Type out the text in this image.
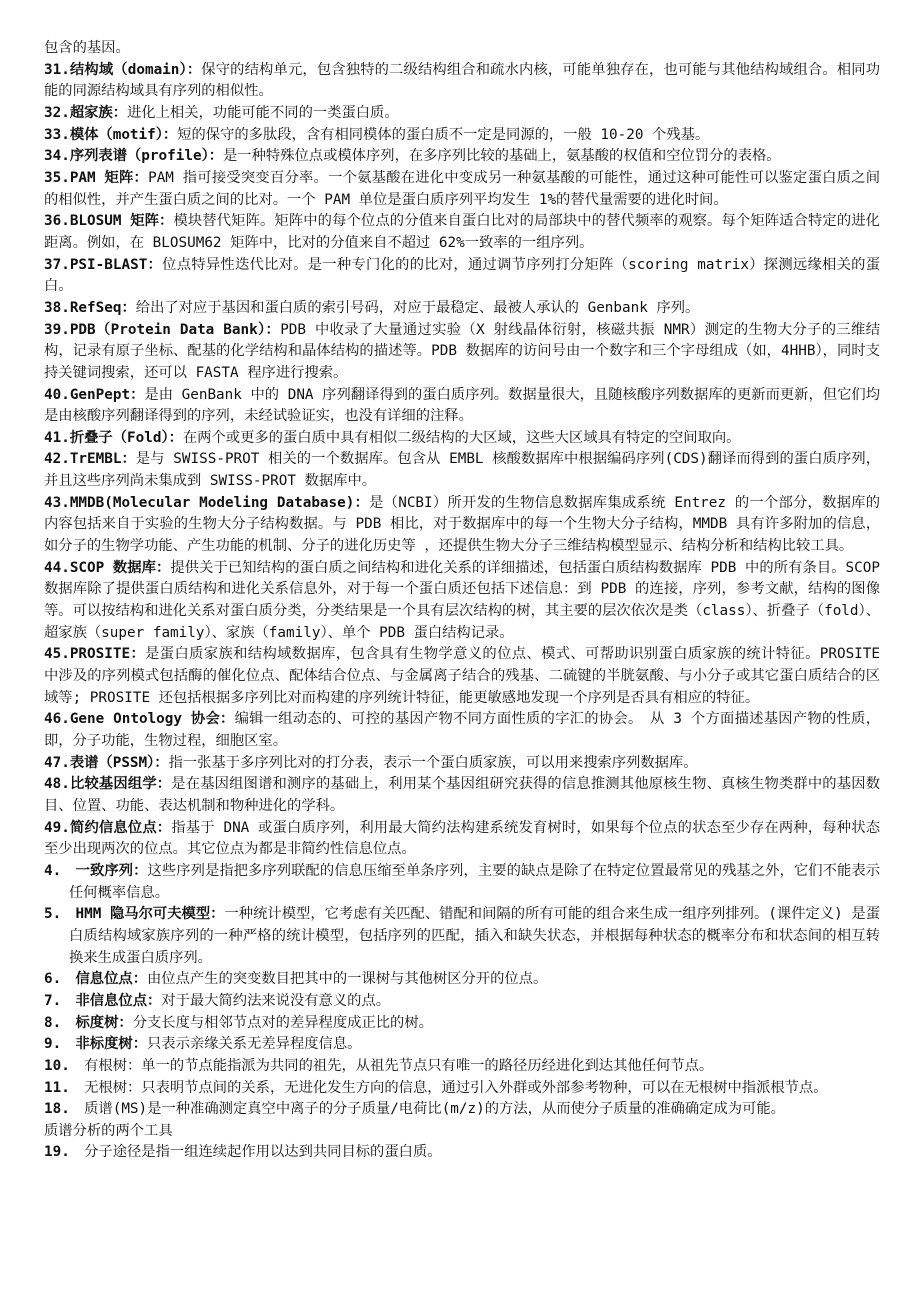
包含的基因。
31.结构域（domain）：保守的结构单元，包含独特的二级结构组合和疏水内核，可能单独存在，也可能与其他结构域组合。相同功能的同源结构域具有序列的相似性。
32.超家族：进化上相关，功能可能不同的一类蛋白质。
33.模体（motif）：短的保守的多肽段，含有相同模体的蛋白质不一定是同源的，一般 10-20 个残基。
34.序列表谱（profile）：是一种特殊位点或模体序列，在多序列比较的基础上，氨基酸的权值和空位罚分的表格。
35.PAM 矩阵：PAM 指可接受突变百分率。一个氨基酸在进化中变成另一种氨基酸的可能性，通过这种可能性可以鉴定蛋白质之间的相似性，并产生蛋白质之间的比对。一个 PAM 单位是蛋白质序列平均发生 1%的替代量需要的进化时间。
36.BLOSUM 矩阵：模块替代矩阵。矩阵中的每个位点的分值来自蛋白比对的局部块中的替代频率的观察。每个矩阵适合特定的进化距离。例如，在 BLOSUM62 矩阵中，比对的分值来自不超过 62%一致率的一组序列。
37.PSI-BLAST：位点特异性迭代比对。是一种专门化的的比对，通过调节序列打分矩阵（scoring matrix）探测远缘相关的蛋白。
38.RefSeq：给出了对应于基因和蛋白质的索引号码，对应于最稳定、最被人承认的 Genbank 序列。
39.PDB（Protein Data Bank）：PDB 中收录了大量通过实验（X 射线晶体衍射，核磁共振 NMR）测定的生物大分子的三维结构，记录有原子坐标、配基的化学结构和晶体结构的描述等。PDB 数据库的访问号由一个数字和三个字母组成（如，4HHB），同时支持关键词搜索，还可以 FASTA 程序进行搜索。
40.GenPept：是由 GenBank 中的 DNA 序列翻译得到的蛋白质序列。数据量很大，且随核酸序列数据库的更新而更新，但它们均是由核酸序列翻译得到的序列，未经试验证实，也没有详细的注释。
41.折叠子（Fold）：在两个或更多的蛋白质中具有相似二级结构的大区域，这些大区域具有特定的空间取向。
42.TrEMBL：是与 SWISS-PROT 相关的一个数据库。包含从 EMBL 核酸数据库中根据编码序列(CDS)翻译而得到的蛋白质序列，并且这些序列尚未集成到 SWISS-PROT 数据库中。
43.MMDB(Molecular Modeling Database)：是（NCBI）所开发的生物信息数据库集成系统 Entrez 的一个部分，数据库的内容包括来自于实验的生物大分子结构数据。与 PDB 相比，对于数据库中的每一个生物大分子结构，MMDB 具有许多附加的信息，如分子的生物学功能、产生功能的机制、分子的进化历史等 ，还提供生物大分子三维结构模型显示、结构分析和结构比较工具。
44.SCOP 数据库：提供关于已知结构的蛋白质之间结构和进化关系的详细描述，包括蛋白质结构数据库 PDB 中的所有条目。SCOP 数据库除了提供蛋白质结构和进化关系信息外，对于每一个蛋白质还包括下述信息：到 PDB 的连接，序列，参考文献，结构的图像等。可以按结构和进化关系对蛋白质分类，分类结果是一个具有层次结构的树，其主要的层次依次是类（class）、折叠子（fold）、超家族（super family）、家族（family）、单个 PDB 蛋白结构记录。
45.PROSITE：是蛋白质家族和结构域数据库，包含具有生物学意义的位点、模式、可帮助识别蛋白质家族的统计特征。PROSITE 中涉及的序列模式包括酶的催化位点、配体结合位点、与金属离子结合的残基、二硫键的半胱氨酸、与小分子或其它蛋白质结合的区域等; PROSITE 还包括根据多序列比对而构建的序列统计特征，能更敏感地发现一个序列是否具有相应的特征。
46.Gene Ontology 协会：编辑一组动态的、可控的基因产物不同方面性质的字汇的协会。　从 3 个方面描述基因产物的性质，即，分子功能，生物过程，细胞区室。
47.表谱（PSSM）：指一张基于多序列比对的打分表，表示一个蛋白质家族，可以用来搜索序列数据库。
48.比较基因组学：是在基因组图谱和测序的基础上，利用某个基因组研究获得的信息推测其他原核生物、真核生物类群中的基因数目、位置、功能、表达机制和物种进化的学科。
49.简约信息位点：指基于 DNA 或蛋白质序列，利用最大简约法构建系统发育树时，如果每个位点的状态至少存在两种，每种状态至少出现两次的位点。其它位点为都是非简约性信息位点。
4.　一致序列：这些序列是指把多序列联配的信息压缩至单条序列，主要的缺点是除了在特定位置最常见的残基之外，它们不能表示任何概率信息。
5.　HMM 隐马尔可夫模型：一种统计模型，它考虑有关匹配、错配和间隔的所有可能的组合来生成一组序列排列。(课件定义) 是蛋白质结构域家族序列的一种严格的统计模型，包括序列的匹配，插入和缺失状态，并根据每种状态的概率分布和状态间的相互转换来生成蛋白质序列。
6.　信息位点：由位点产生的突变数目把其中的一课树与其他树区分开的位点。
7.　非信息位点：对于最大简约法来说没有意义的点。
8.　标度树：分支长度与相邻节点对的差异程度成正比的树。
9.　非标度树：只表示亲缘关系无差异程度信息。
10.　有根树：单一的节点能指派为共同的祖先，从祖先节点只有唯一的路径历经进化到达其他任何节点。
11.　无根树：只表明节点间的关系，无进化发生方向的信息，通过引入外群或外部参考物种，可以在无根树中指派根节点。
18.　质谱(MS)是一种准确测定真空中离子的分子质量/电荷比(m/z)的方法，从而使分子质量的准确确定成为可能。
质谱分析的两个工具
19.　分子途径是指一组连续起作用以达到共同目标的蛋白质。
